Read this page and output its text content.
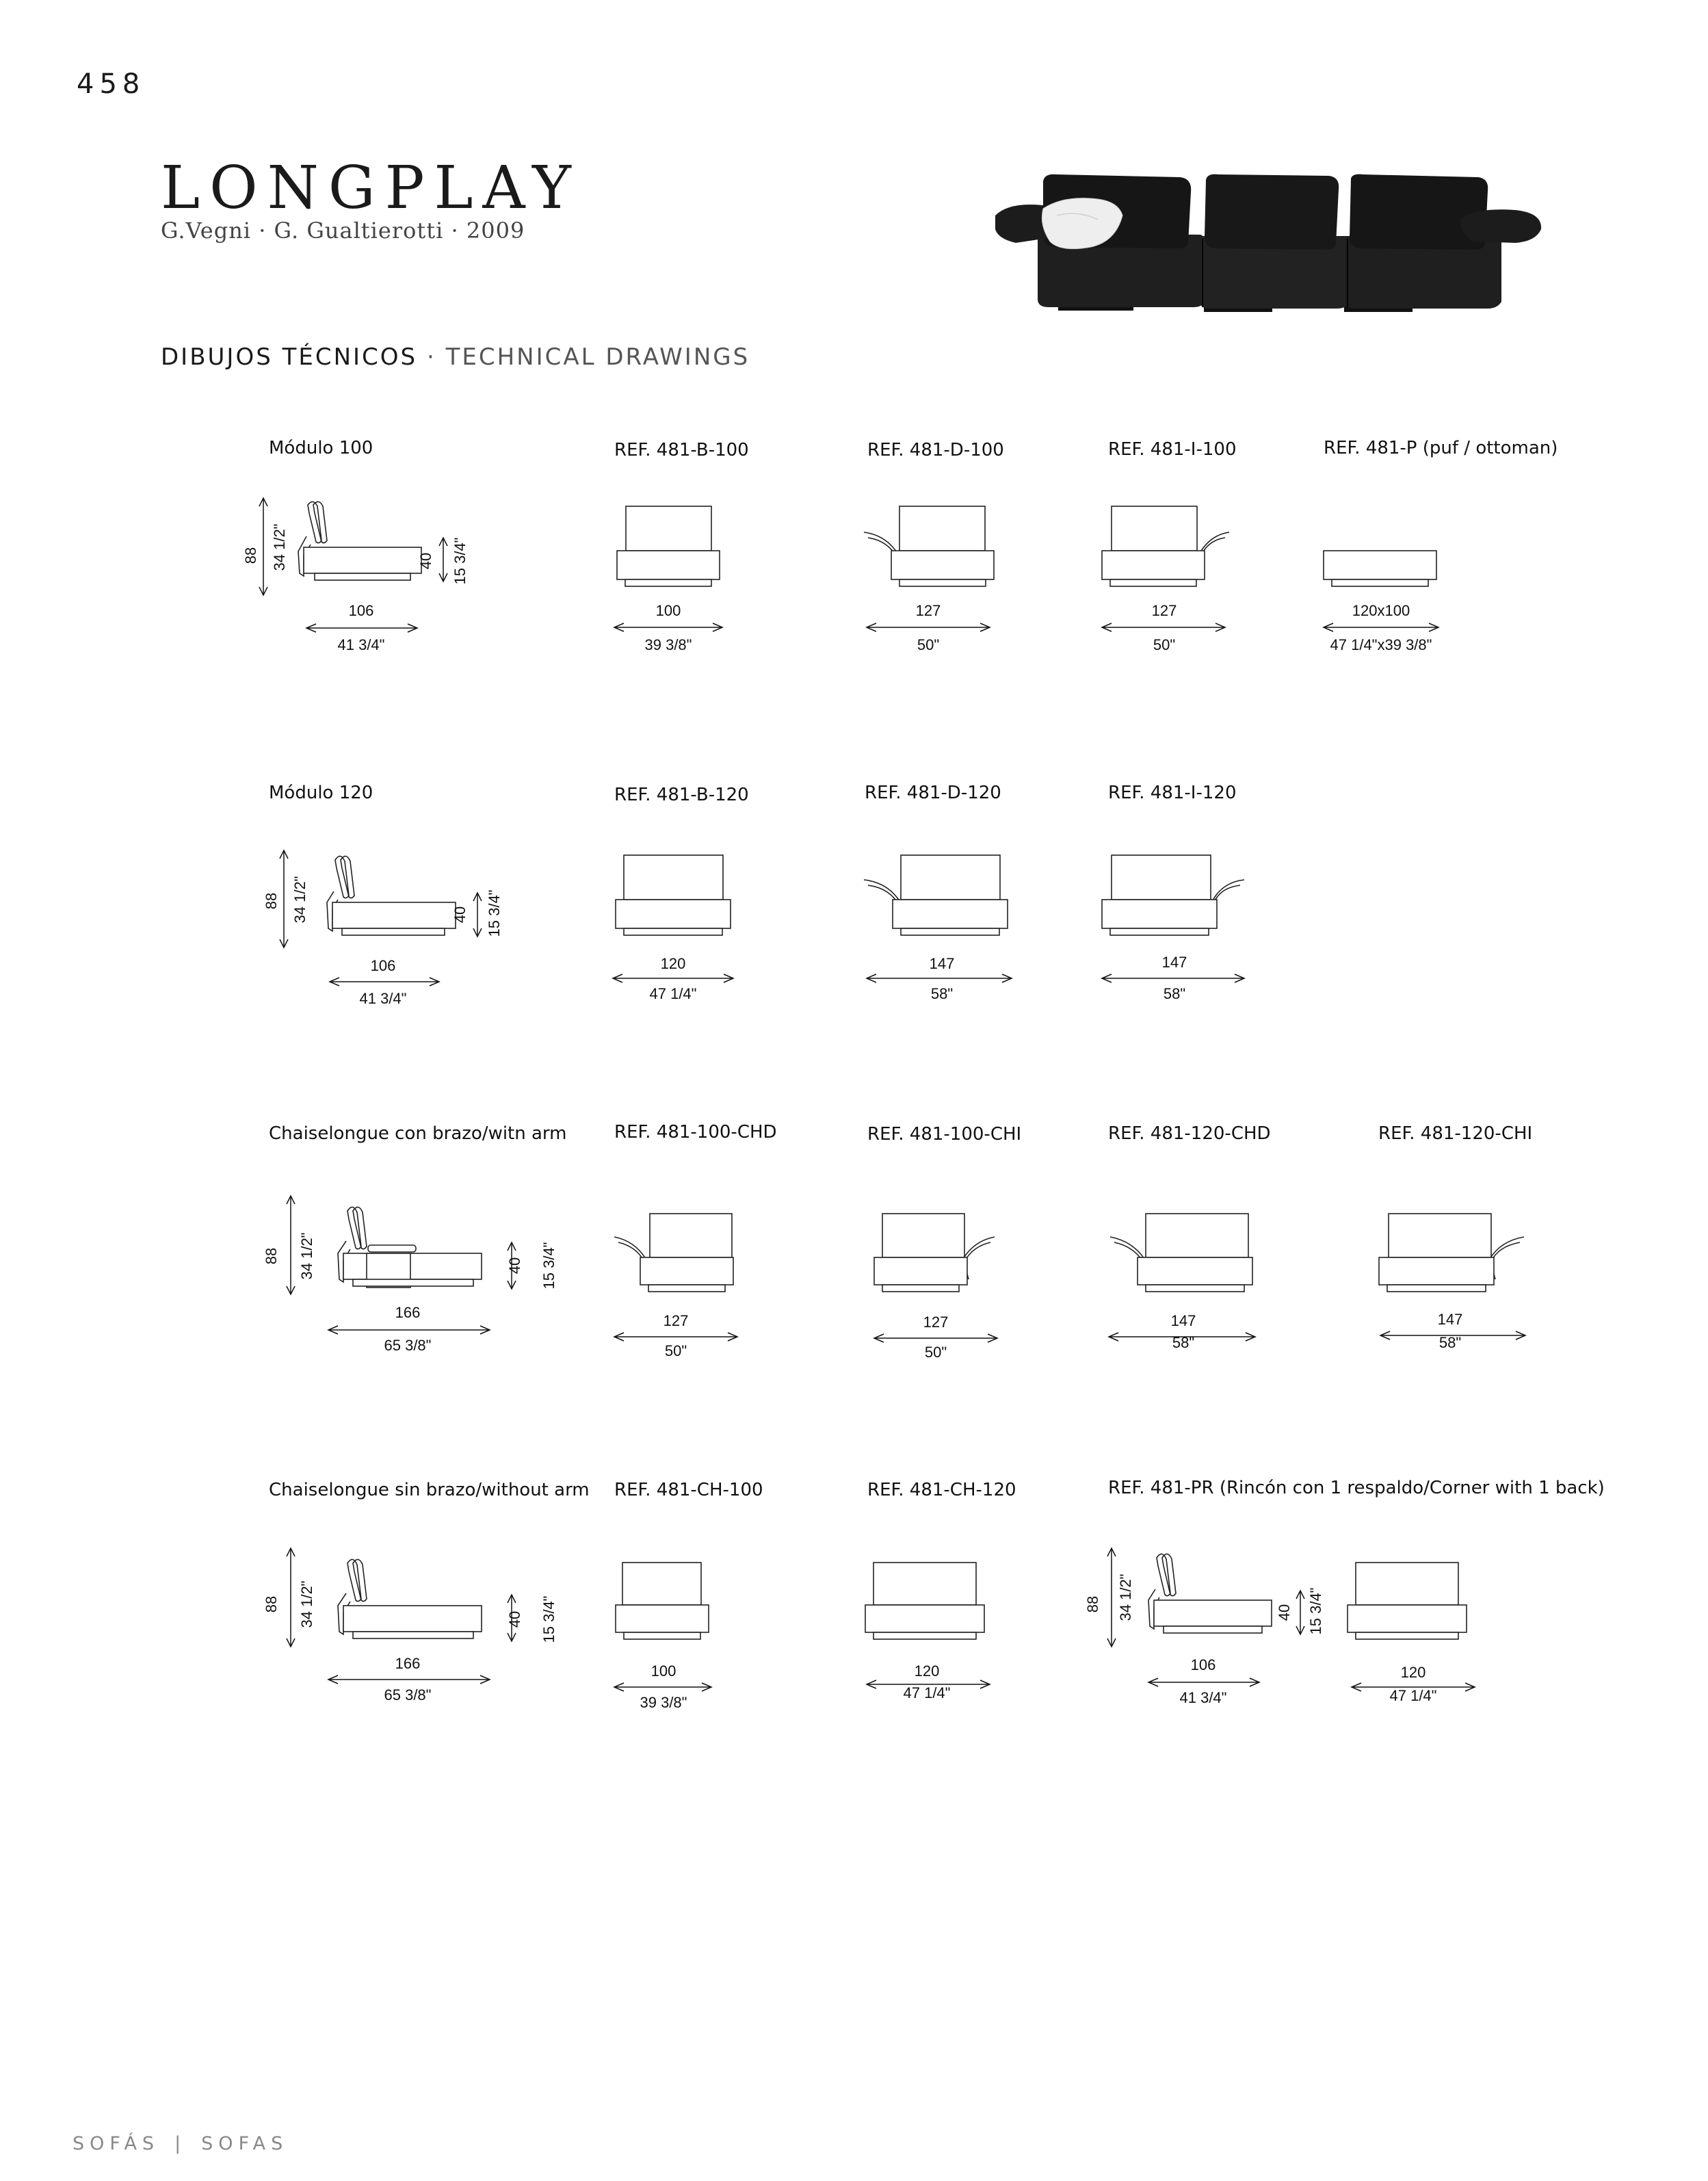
458
LONGPLAY
G.Vegni · G. Gualtierotti · 2009
DIBUJOS TÉCNICOS · TECHNICAL DRAWINGS
Módulo 100	REF. 481-B-100	REF. 481-D-100	REF. 481-I-100	REF. 481-P (puf / ottoman)
88 34 1/2"	40 15 3/4"
106
41 3/4"
100
39 3/8"
127
50"
127
50"
120x100
47 1/4"x39 3/8"
Módulo 120	REF. 481-B-120	REF. 481-D-120	REF. 481-I-120
88 34 1/2"	40 15 3/4"
106
41 3/4"
120
47 1/4"
147
58"
147
58"
Chaiselongue con brazo/witn arm	REF. 481-100-CHD	REF. 481-100-CHI	REF. 481-120-CHD	REF. 481-120-CHI
88 34 1/2"	40 15 3/4"
166
65 3/8"
127
50"
127
50"
147
58"
147
58"
Chaiselongue sin brazo/without arm REF. 481-CH-100	REF. 481-CH-120	REF. 481-PR (Rincón con 1 respaldo/Corner with 1 back)
88 34 1/2"	40 15 3/4"
166
65 3/8"
100
39 3/8"
120
47 1/4"
88 34 1/2"	40 15 3/4"
106
41 3/4"
120
47 1/4"
SOFÁS | SOFAS
